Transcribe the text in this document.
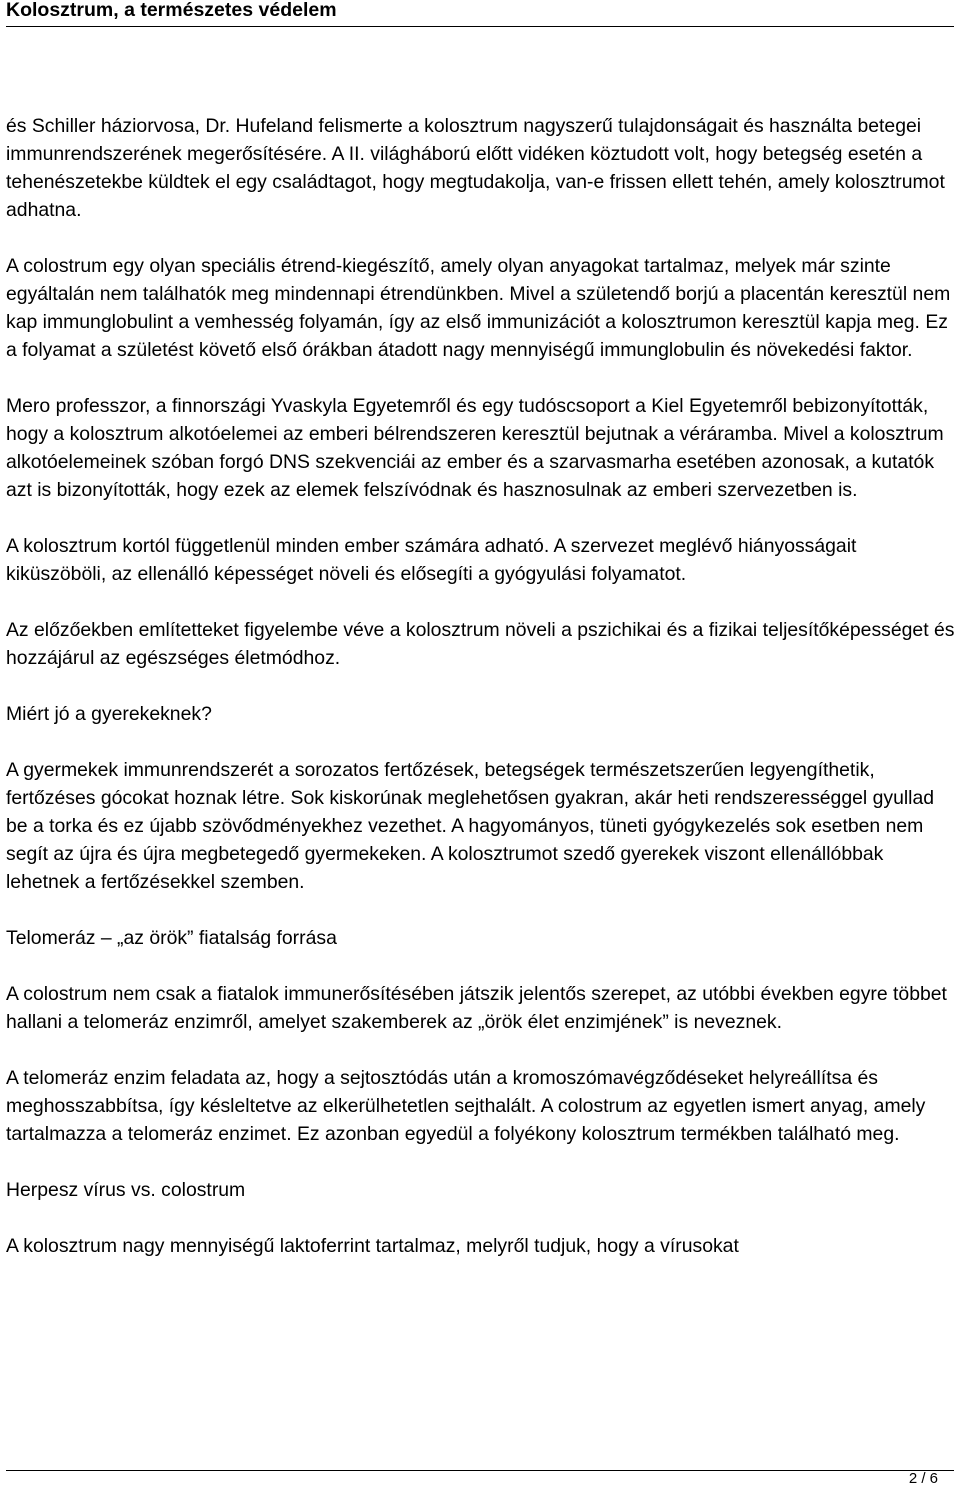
Kolosztrum, a természetes védelem

és Schiller háziorvosa, Dr. Hufeland felismerte a kolosztrum nagyszerű tulajdonságait és használta betegei immunrendszerének megerősítésére. A II. világháború előtt vidéken köztudott volt, hogy betegség esetén a tehenészetekbe küldtek el egy családtagot, hogy megtudakolja, van-e frissen ellett tehén, amely kolosztrumot adhatna.

A colostrum egy olyan speciális étrend-kiegészítő, amely olyan anyagokat tartalmaz, melyek már szinte egyáltalán nem találhatók meg mindennapi étrendünkben. Mivel a születendő borjú a placentán keresztül nem kap immunglobulint a vemhesség folyamán, így az első immunizációt a kolosztrumon keresztül kapja meg. Ez a folyamat a születést követő első órákban átadott nagy mennyiségű immunglobulin és növekedési faktor.

Mero professzor, a finnországi Yvaskyla Egyetemről és egy tudóscsoport a Kiel Egyetemről bebizonyították, hogy a kolosztrum alkotóelemei az emberi bélrendszeren keresztül bejutnak a véráramba. Mivel a kolosztrum alkotóelemeinek szóban forgó DNS szekvenciái az ember és a szarvasmarha esetében azonosak, a kutatók azt is bizonyították, hogy ezek az elemek felszívódnak és hasznosulnak az emberi szervezetben is.

A kolosztrum kortól függetlenül minden ember számára adható. A szervezet meglévő hiányosságait kiküszöböli, az ellenálló képességet növeli és elősegíti a gyógyulási folyamatot.

Az előzőekben említetteket figyelembe véve a kolosztrum növeli a pszichikai és a fizikai teljesítőképességet és hozzájárul az egészséges életmódhoz.

Miért jó a gyerekeknek?

A gyermekek immunrendszerét a sorozatos fertőzések, betegségek természetszerűen legyengíthetik, fertőzéses gócokat hoznak létre. Sok kiskorúnak meglehetősen gyakran, akár heti rendszerességgel gyullad be a torka és ez újabb szövődményekhez vezethet. A hagyományos, tüneti gyógykezelés sok esetben nem segít az újra és újra megbetegedő gyermekeken. A kolosztrumot szedő gyerekek viszont ellenállóbbak lehetnek a fertőzésekkel szemben.

Telomeráz – „az örök” fiatalság forrása

A colostrum nem csak a fiatalok immunerősítésében játszik jelentős szerepet, az utóbbi években egyre többet hallani a telomeráz enzimről, amelyet szakemberek az „örök élet enzimjének” is neveznek.

A telomeráz enzim feladata az, hogy a sejtosztódás után a kromoszómavégződéseket helyreállítsa és meghosszabbítsa, így késleltetve az elkerülhetetlen sejthalált. A colostrum az egyetlen ismert anyag, amely tartalmazza a telomeráz enzimet. Ez azonban egyedül a folyékony kolosztrum termékben található meg.

Herpesz vírus vs. colostrum

A kolosztrum nagy mennyiségű laktoferrint tartalmaz, melyről tudjuk, hogy a vírusokat

2 / 6
